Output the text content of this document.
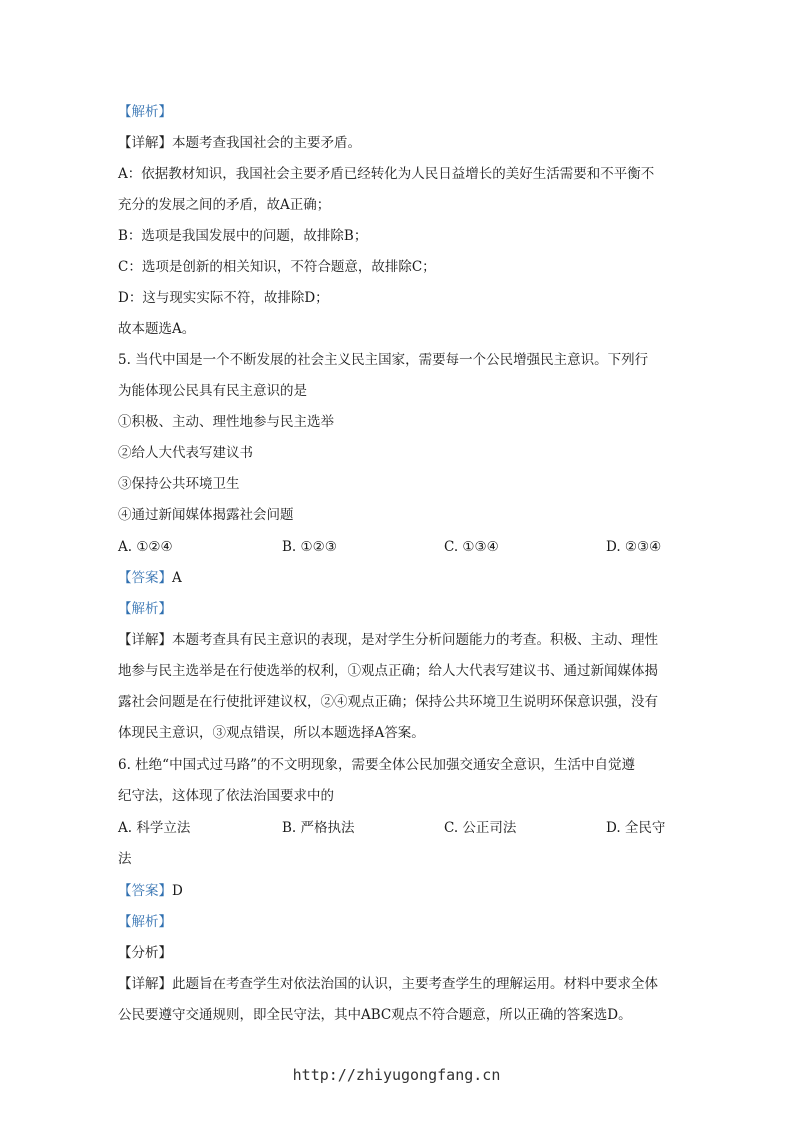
【解析】
【详解】本题考查我国社会的主要矛盾。
A：依据教材知识，我国社会主要矛盾已经转化为人民日益增长的美好生活需要和不平衡不
充分的发展之间的矛盾，故A正确；
B：选项是我国发展中的问题，故排除B；
C：选项是创新的相关知识，不符合题意，故排除C；
D：这与现实实际不符，故排除D；
故本题选A。
5. 当代中国是一个不断发展的社会主义民主国家，需要每一个公民增强民主意识。下列行
为能体现公民具有民主意识的是
①积极、主动、理性地参与民主选举
②给人大代表写建议书
③保持公共环境卫生
④通过新闻媒体揭露社会问题
A. ①②④	B. ①②③	C. ①③④	D. ②③④
【答案】A
【解析】
【详解】本题考查具有民主意识的表现，是对学生分析问题能力的考查。积极、主动、理性
地参与民主选举是在行使选举的权利，①观点正确；给人大代表写建议书、通过新闻媒体揭
露社会问题是在行使批评建议权，②④观点正确；保持公共环境卫生说明环保意识强，没有
体现民主意识，③观点错误，所以本题选择A答案。
6. 杜绝“中国式过马路”的不文明现象，需要全体公民加强交通安全意识，生活中自觉遵
纪守法，这体现了依法治国要求中的
A. 科学立法	B. 严格执法	C. 公正司法	D. 全民守
法
【答案】D
【解析】
【分析】
【详解】此题旨在考查学生对依法治国的认识，主要考查学生的理解运用。材料中要求全体
公民要遵守交通规则，即全民守法，其中ABC观点不符合题意，所以正确的答案选D。
http://zhiyugongfang.cn
